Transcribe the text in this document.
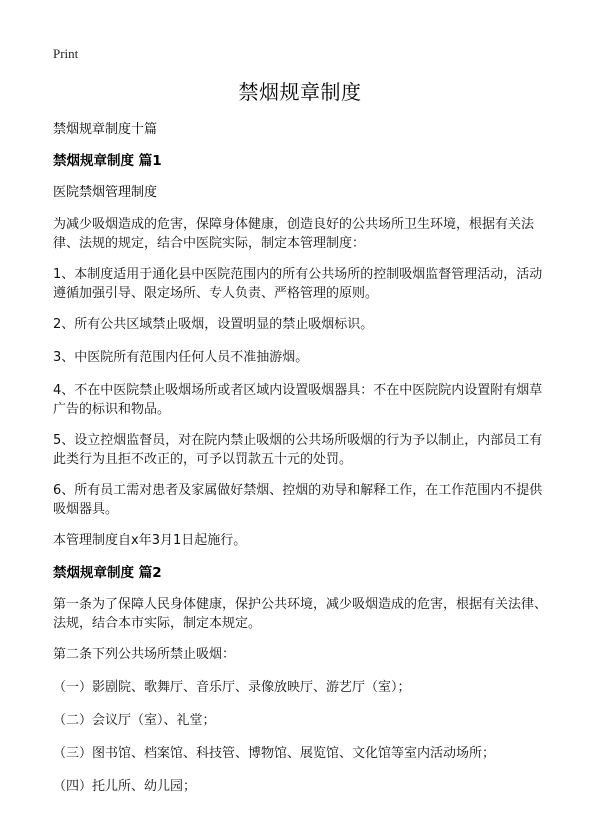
Print
禁烟规章制度

禁烟规章制度十篇

禁烟规章制度 篇1

医院禁烟管理制度

为减少吸烟造成的危害，保障身体健康，创造良好的公共场所卫生环境，根据有关法律、法规的规定，结合中医院实际，制定本管理制度：

1、本制度适用于通化县中医院范围内的所有公共场所的控制吸烟监督管理活动，活动遵循加强引导、限定场所、专人负责、严格管理的原则。

2、所有公共区域禁止吸烟，设置明显的禁止吸烟标识。

3、中医院所有范围内任何人员不准抽游烟。

4、不在中医院禁止吸烟场所或者区域内设置吸烟器具：不在中医院院内设置附有烟草广告的标识和物品。

5、设立控烟监督员，对在院内禁止吸烟的公共场所吸烟的行为予以制止，内部员工有此类行为且拒不改正的，可予以罚款五十元的处罚。

6、所有员工需对患者及家属做好禁烟、控烟的劝导和解释工作，在工作范围内不提供吸烟器具。

本管理制度自x年3月1日起施行。

禁烟规章制度 篇2

第一条为了保障人民身体健康，保护公共环境，减少吸烟造成的危害，根据有关法律、法规，结合本市实际，制定本规定。

第二条下列公共场所禁止吸烟：

（一）影剧院、歌舞厅、音乐厅、录像放映厅、游艺厅（室）；

（二）会议厅（室）、礼堂；

（三）图书馆、档案馆、科技管、博物馆、展览馆、文化馆等室内活动场所；

（四）托儿所、幼儿园；
